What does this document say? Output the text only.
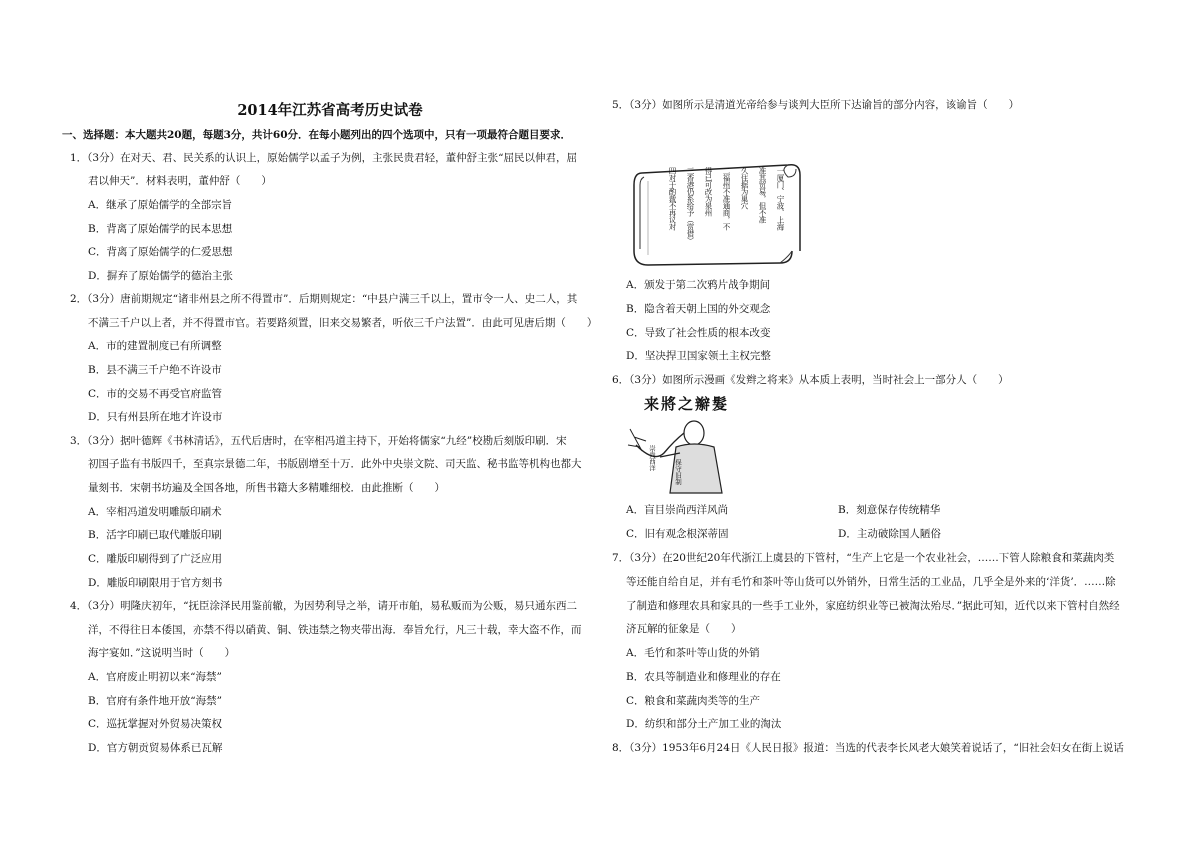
2014年江苏省高考历史试卷
一、选择题：本大题共20题，每题3分，共计60分．在每小题列出的四个选项中，只有一项最符合题目要求．
1．（3分）在对天、君、民关系的认识上，原始儒学以孟子为例，主张民贵君轻，董仲舒主张“屈民以伸君，屈
君以伸天”．材料表明，董仲舒（　　）
A．继承了原始儒学的全部宗旨
B．背离了原始儒学的民本思想
C．背离了原始儒学的仁爱思想
D．摒弃了原始儒学的德治主张
2．（3分）唐前期规定“诸非州县之所不得置市”．后期则规定：“中县户满三千以上，置市令一人、史二人，其
不满三千户以上者，并不得置市官。若要路须置，旧来交易繁者，听依三千户法置”．由此可见唐后期（　　）
A．市的建置制度已有所调整
B．县不满三千户绝不许设市
C．市的交易不再受官府监管
D．只有州县所在地才许设市
3．（3分）据叶德辉《书林清话》，五代后唐时，在宰相冯道主持下，开始将儒家“九经”校勘后刻版印刷．宋
初国子监有书版四千，至真宗景德二年，书版剧增至十万．此外中央崇文院、司天监、秘书监等机构也都大
量刻书．宋朝书坊遍及全国各地，所售书籍大多精雕细校．由此推断（　　）
A．宰相冯道发明雕版印刷术
B．活字印刷已取代雕版印刷
C．雕版印刷得到了广泛应用
D．雕版印刷限用于官方刻书
4．（3分）明隆庆初年，“抚臣涂泽民用鉴前辙，为因势利导之举，请开市舶，易私贩而为公贩，易只通东西二
洋，不得往日本倭国，亦禁不得以硝黄、铜、铁违禁之物夹带出海．奉旨允行，凡三十载，幸大盗不作，而
海宇宴如．”这说明当时（　　）
A．官府废止明初以来“海禁”
B．官府有条件地开放“海禁”
C．巡抚掌握对外贸易决策权
D．官方朝贡贸易体系已瓦解
5．（3分）如图所示是清道光帝给参与谈判大臣所下达谕旨的部分内容，该谕旨（　　）
一厦门、宁波、上海
准其贸易，但不准
久住据为巢穴
二福州不准通商，不
得已可改为泉州
三香港仍系给予（赏借）
四对于酌裁不再议对
A．颁发于第二次鸦片战争期间
B．隐含着天朝上国的外交观念
C．导致了社会性质的根本改变
D．坚决捍卫国家领土主权完整
6．（3分）如图所示漫画《发辫之将来》从本质上表明，当时社会上一部分人（　　）
来將之辮髮
崇尚西洋
保守旧制
A．盲目崇尚西洋风尚	B．刻意保存传统精华
C．旧有观念根深蒂固	D．主动破除国人陋俗
7．（3分）在20世纪20年代浙江上虞县的下管村，“生产上它是一个农业社会，……下管人除粮食和菜蔬肉类
等还能自给自足，并有毛竹和茶叶等山货可以外销外，日常生活的工业品，几乎全是外来的‘洋货’．……除
了制造和修理农具和家具的一些手工业外，家庭纺织业等已被淘汰殆尽．”据此可知，近代以来下管村自然经
济瓦解的征象是（　　）
A．毛竹和茶叶等山货的外销
B．农具等制造业和修理业的存在
C．粮食和菜蔬肉类等的生产
D．纺织和部分土产加工业的淘汰
8．（3分）1953年6月24日《人民日报》报道：当选的代表李长风老大娘笑着说话了，“旧社会妇女在街上说话
